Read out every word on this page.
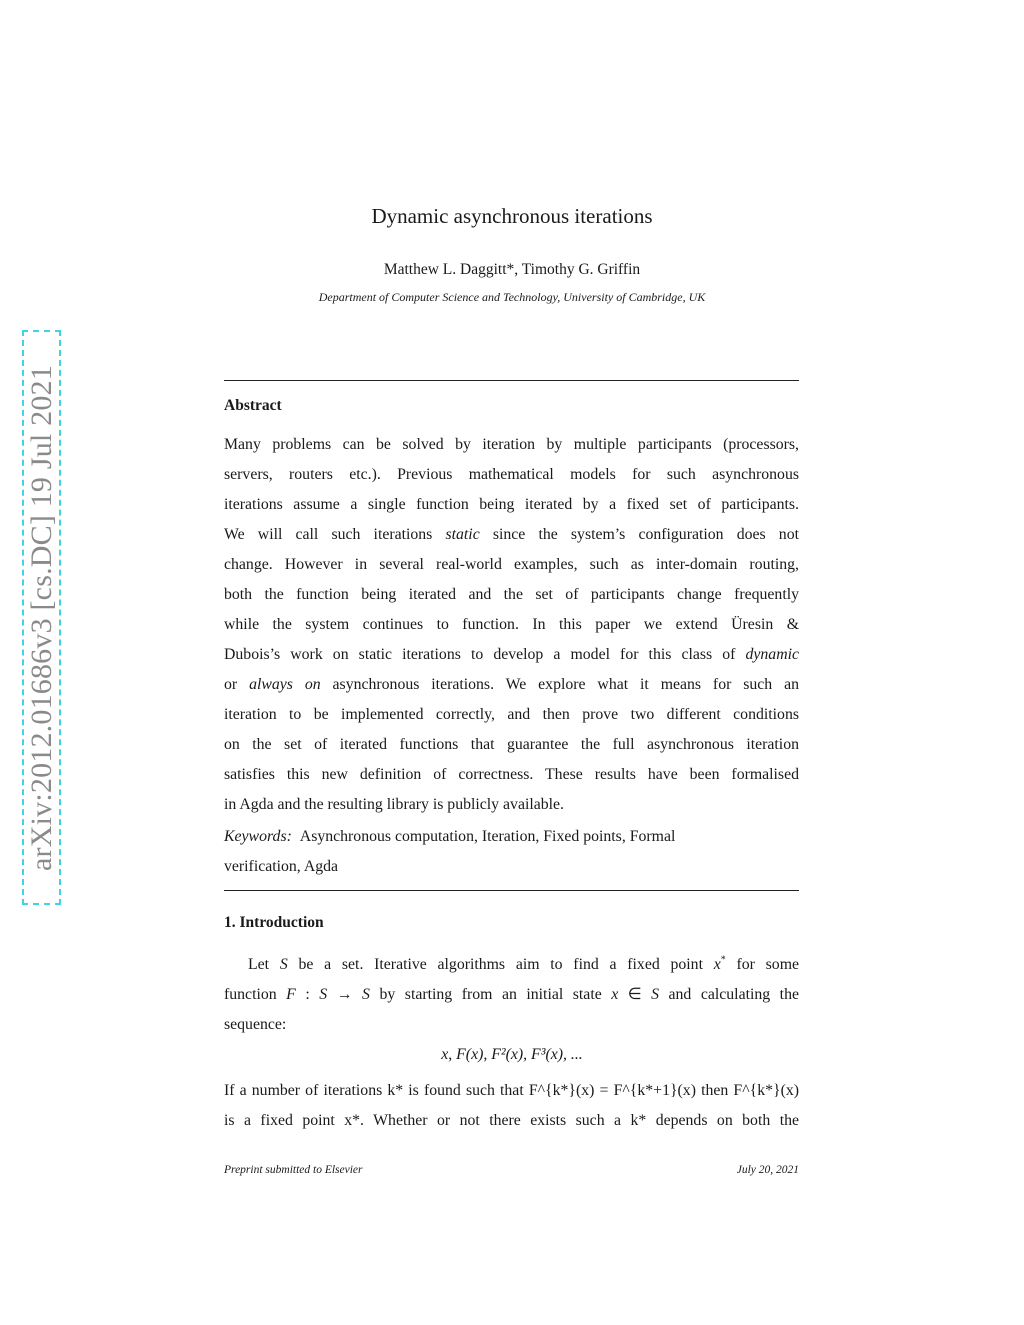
arXiv:2012.01686v3 [cs.DC] 19 Jul 2021
Dynamic asynchronous iterations
Matthew L. Daggitt*, Timothy G. Griffin
Department of Computer Science and Technology, University of Cambridge, UK
Abstract
Many problems can be solved by iteration by multiple participants (processors,
servers, routers etc.). Previous mathematical models for such asynchronous
iterations assume a single function being iterated by a fixed set of participants.
We will call such iterations static since the system’s configuration does not
change. However in several real-world examples, such as inter-domain routing,
both the function being iterated and the set of participants change frequently
while the system continues to function. In this paper we extend Üresin &
Dubois’s work on static iterations to develop a model for this class of dynamic
or always on asynchronous iterations. We explore what it means for such an
iteration to be implemented correctly, and then prove two different conditions
on the set of iterated functions that guarantee the full asynchronous iteration
satisfies this new definition of correctness. These results have been formalised
in Agda and the resulting library is publicly available.
Keywords: Asynchronous computation, Iteration, Fixed points, Formal
verification, Agda
1. Introduction
Let S be a set. Iterative algorithms aim to find a fixed point x* for some
function F : S → S by starting from an initial state x ∈ S and calculating the
sequence:
x, F(x), F²(x), F³(x), ...
If a number of iterations k* is found such that F^{k*}(x) = F^{k*+1}(x) then F^{k*}(x)
is a fixed point x*. Whether or not there exists such a k* depends on both the
Preprint submitted to Elsevier	July 20, 2021
